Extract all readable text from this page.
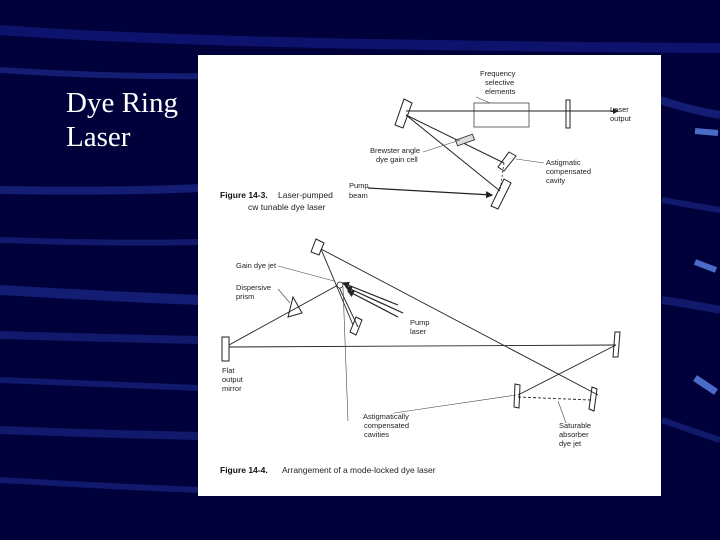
Dye Ring
Laser
Frequency
selective
elements
Laser
output
Brewster angle
dye gain cell	Astigmatic
compensated
cavity
Pump
beam
Figure 14-3. Laser-pumped
cw tunable dye laser
Gain dye jet
Dispersive
prism
Pump
laser
Flat
output
mirror
Astigmatically
compensated
cavities
Saturable
absorber
dye jet
Figure 14-4. Arrangement of a mode-locked dye laser
